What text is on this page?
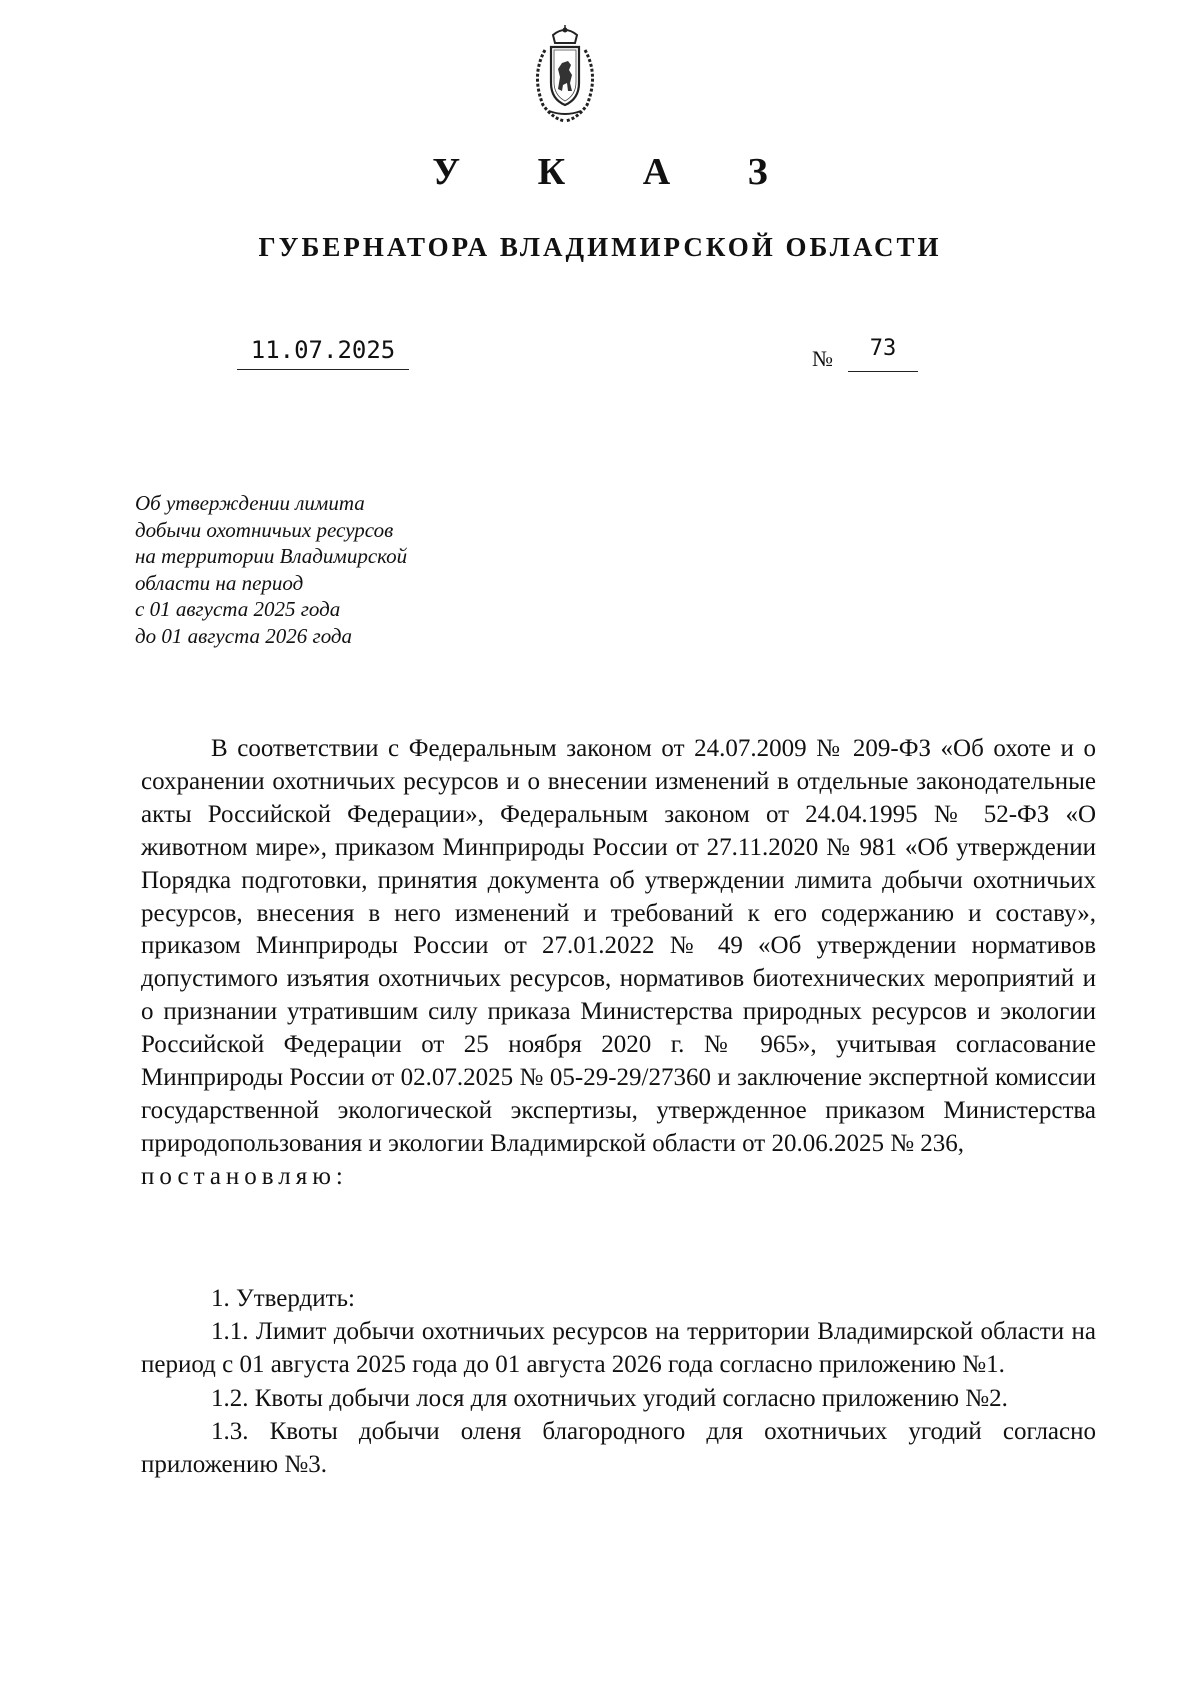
У К А З
ГУБЕРНАТОРА ВЛАДИМИРСКОЙ ОБЛАСТИ
11.07.2025	№	73
Об утверждении лимита
добычи охотничьих ресурсов
на территории Владимирской
области на период
с 01 августа 2025 года
до 01 августа 2026 года

В соответствии с Федеральным законом от 24.07.2009 № 209-ФЗ «Об охоте и о сохранении охотничьих ресурсов и о внесении изменений в отдельные законодательные акты Российской Федерации», Федеральным законом от 24.04.1995 № 52-ФЗ «О животном мире», приказом Минприроды России от 27.11.2020 № 981 «Об утверждении Порядка подготовки, принятия документа об утверждении лимита добычи охотничьих ресурсов, внесения в него изменений и требований к его содержанию и составу», приказом Минприроды России от 27.01.2022 № 49 «Об утверждении нормативов допустимого изъятия охотничьих ресурсов, нормативов биотехнических мероприятий и о признании утратившим силу приказа Министерства природных ресурсов и экологии Российской Федерации от 25 ноября 2020 г. № 965», учитывая согласование Минприроды России от 02.07.2025 № 05-29-29/27360 и заключение экспертной комиссии государственной экологической экспертизы, утвержденное приказом Министерства природопользования и экологии Владимирской области от 20.06.2025 № 236,

постановляю:

1. Утвердить:

1.1. Лимит добычи охотничьих ресурсов на территории Владимирской области на период с 01 августа 2025 года до 01 августа 2026 года согласно приложению №1.

1.2. Квоты добычи лося для охотничьих угодий согласно приложению №2.

1.3. Квоты добычи оленя благородного для охотничьих угодий согласно приложению №3.
